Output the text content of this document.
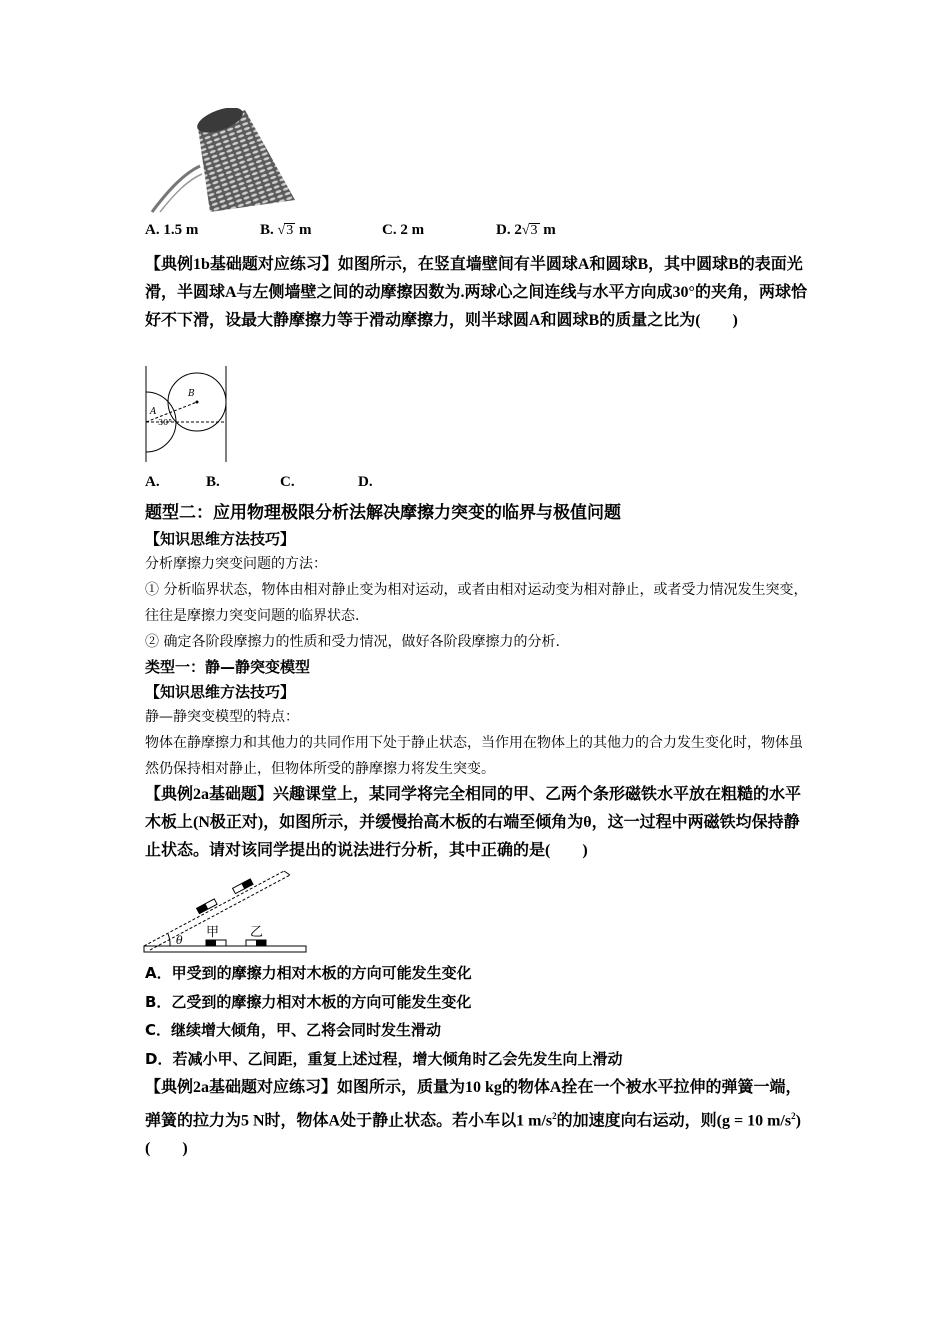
A. 1.5 m	B. √3 m	C. 2 m	D. 2√3 m
【典例1b基础题对应练习】如图所示，在竖直墙壁间有半圆球A和圆球B，其中圆球B的表面光滑，半圆球A与左侧墙壁之间的动摩擦因数为.两球心之间连线与水平方向成30°的夹角，两球恰好不下滑，设最大静摩擦力等于滑动摩擦力，则半球圆A和圆球B的质量之比为(　　)
A
B
30°
A.	B.	C.	D.
题型二：应用物理极限分析法解决摩擦力突变的临界与极值问题
【知识思维方法技巧】
分析摩擦力突变问题的方法：
① 分析临界状态，物体由相对静止变为相对运动，或者由相对运动变为相对静止，或者受力情况发生突变，往往是摩擦力突变问题的临界状态.
② 确定各阶段摩擦力的性质和受力情况，做好各阶段摩擦力的分析.
类型一：静—静突变模型
【知识思维方法技巧】
静—静突变模型的特点：
物体在静摩擦力和其他力的共同作用下处于静止状态，当作用在物体上的其他力的合力发生变化时，物体虽然仍保持相对静止，但物体所受的静摩擦力将发生突变。
【典例2a基础题】兴趣课堂上，某同学将完全相同的甲、乙两个条形磁铁水平放在粗糙的水平木板上(N极正对)，如图所示，并缓慢抬高木板的右端至倾角为θ，这一过程中两磁铁均保持静止状态。请对该同学提出的说法进行分析，其中正确的是(　　)
θ
甲 乙
A．甲受到的摩擦力相对木板的方向可能发生变化
B．乙受到的摩擦力相对木板的方向可能发生变化
C．继续增大倾角，甲、乙将会同时发生滑动
D．若减小甲、乙间距，重复上述过程，增大倾角时乙会先发生向上滑动
【典例2a基础题对应练习】如图所示，质量为10 kg的物体A拴在一个被水平拉伸的弹簧一端，弹簧的拉力为5 N时，物体A处于静止状态。若小车以1 $m/s^2$的加速度向右运动，则(g = 10 $m/s^2$)(　　)
